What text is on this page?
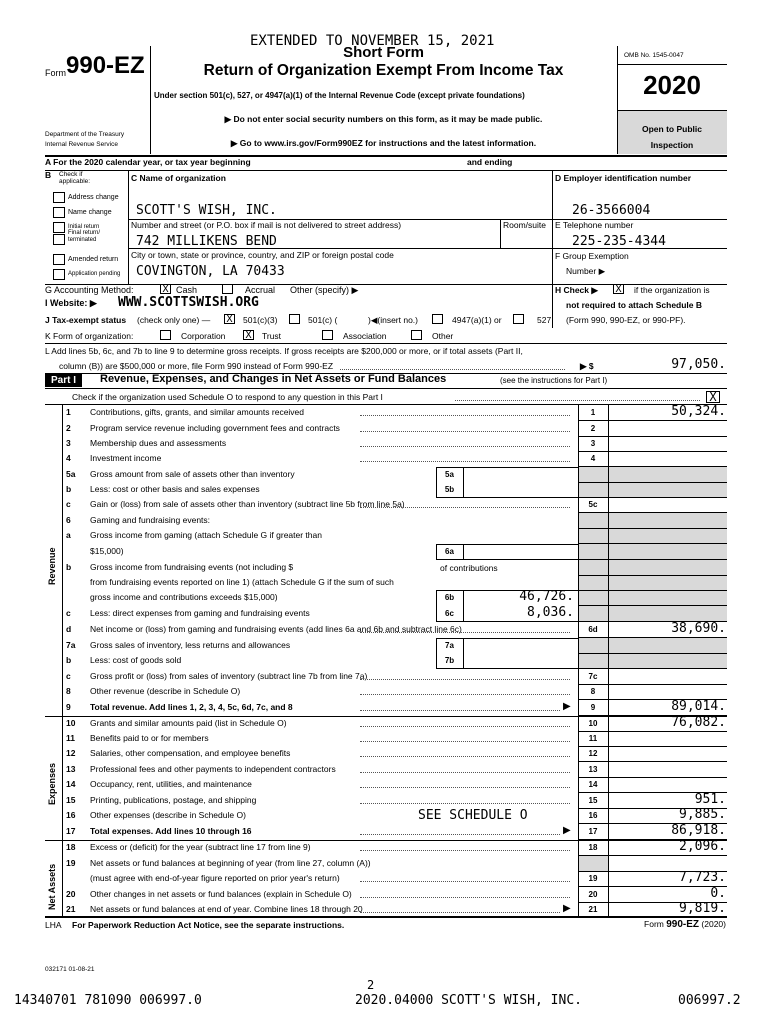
EXTENDED TO NOVEMBER 15, 2021
Form 990-EZ
Department of the Treasury
Internal Revenue Service
Short Form
Return of Organization Exempt From Income Tax
Under section 501(c), 527, or 4947(a)(1) of the Internal Revenue Code (except private foundations)
▶ Do not enter social security numbers on this form, as it may be made public.
▶ Go to www.irs.gov/Form990EZ for instructions and the latest information.
OMB No. 1545-0047
2020
Open to Public
Inspection
A For the 2020 calendar year, or tax year beginning	and ending
B Check if applicable:
Address change
Name change
Initial return
Final return/ terminated
Amended return
Application pending
C Name of organization
SCOTT'S WISH, INC.
Number and street (or P.O. box if mail is not delivered to street address)	Room/suite
742 MILLIKENS BEND
City or town, state or province, country, and ZIP or foreign postal code
COVINGTON, LA 70433
D Employer identification number
26-3566004
E Telephone number
225-235-4344
F Group Exemption
Number ▶
G Accounting Method:	X Cash	Accrual Other (specify) ▶	H Check ▶ X if the organization is
not required to attach Schedule B
(Form 990, 990-EZ, or 990-PF).
I Website: ▶ WWW.SCOTTSWISH.ORG
J Tax-exempt status (check only one) — X 501(c)(3)	501(c) (	)◀(insert no.)	4947(a)(1) or	527
K Form of organization:	Corporation X Trust	Association	Other
L Add lines 5b, 6c, and 7b to line 9 to determine gross receipts. If gross receipts are $200,000 or more, or if total assets (Part II,
column (B)) are $500,000 or more, file Form 990 instead of Form 990-EZ	▶ $	97,050.
Part I	Revenue, Expenses, and Changes in Net Assets or Fund Balances	(see the instructions for Part I)
Check if the organization used Schedule O to respond to any question in this Part I	X
Revenue
Expenses
Net Assets
1	Contributions, gifts, grants, and similar amounts received	1	50,324.
2	Program service revenue including government fees and contracts	2
3	Membership dues and assessments	3
4	Investment income	4
5a	Gross amount from sale of assets other than inventory	5a
b	Less: cost or other basis and sales expenses	5b
c	Gain or (loss) from sale of assets other than inventory (subtract line 5b from line 5a)	5c
6	Gaming and fundraising events:
a	Gross income from gaming (attach Schedule G if greater than
$15,000)	6a
b	Gross income from fundraising events (not including $
from fundraising events reported on line 1) (attach Schedule G if the sum of such
gross income and contributions exceeds $15,000)	6b	46,726.
c	Less: direct expenses from gaming and fundraising events	6c	8,036.
d	Net income or (loss) from gaming and fundraising events (add lines 6a and 6b and subtract line 6c)	6d	38,690.
7a	Gross sales of inventory, less returns and allowances	7a
b	Less: cost of goods sold	7b
c	Gross profit or (loss) from sales of inventory (subtract line 7b from line 7a)	7c
8	Other revenue (describe in Schedule O)	8
9	Total revenue. Add lines 1, 2, 3, 4, 5c, 6d, 7c, and 8	▶	9	89,014.
10	Grants and similar amounts paid (list in Schedule O)	10	76,082.
11	Benefits paid to or for members	11
12	Salaries, other compensation, and employee benefits	12
13	Professional fees and other payments to independent contractors	13
14	Occupancy, rent, utilities, and maintenance	14
15	Printing, publications, postage, and shipping	15	951.
16	Other expenses (describe in Schedule O)	16	9,885.
17	Total expenses. Add lines 10 through 16	▶	17	86,918.
18	Excess or (deficit) for the year (subtract line 17 from line 9)	18	2,096.
19	Net assets or fund balances at beginning of year (from line 27, column (A))
(must agree with end-of-year figure reported on prior year's return)	19	7,723.
20	Other changes in net assets or fund balances (explain in Schedule O)	20	0.
21	Net assets or fund balances at end of year. Combine lines 18 through 20	▶	21	9,819.
of contributions
SEE SCHEDULE O
LHA For Paperwork Reduction Act Notice, see the separate instructions.	Form 990-EZ (2020)
032171 01-08-21
2
14340701 781090 006997.0	2020.04000 SCOTT'S WISH, INC.	006997.2
